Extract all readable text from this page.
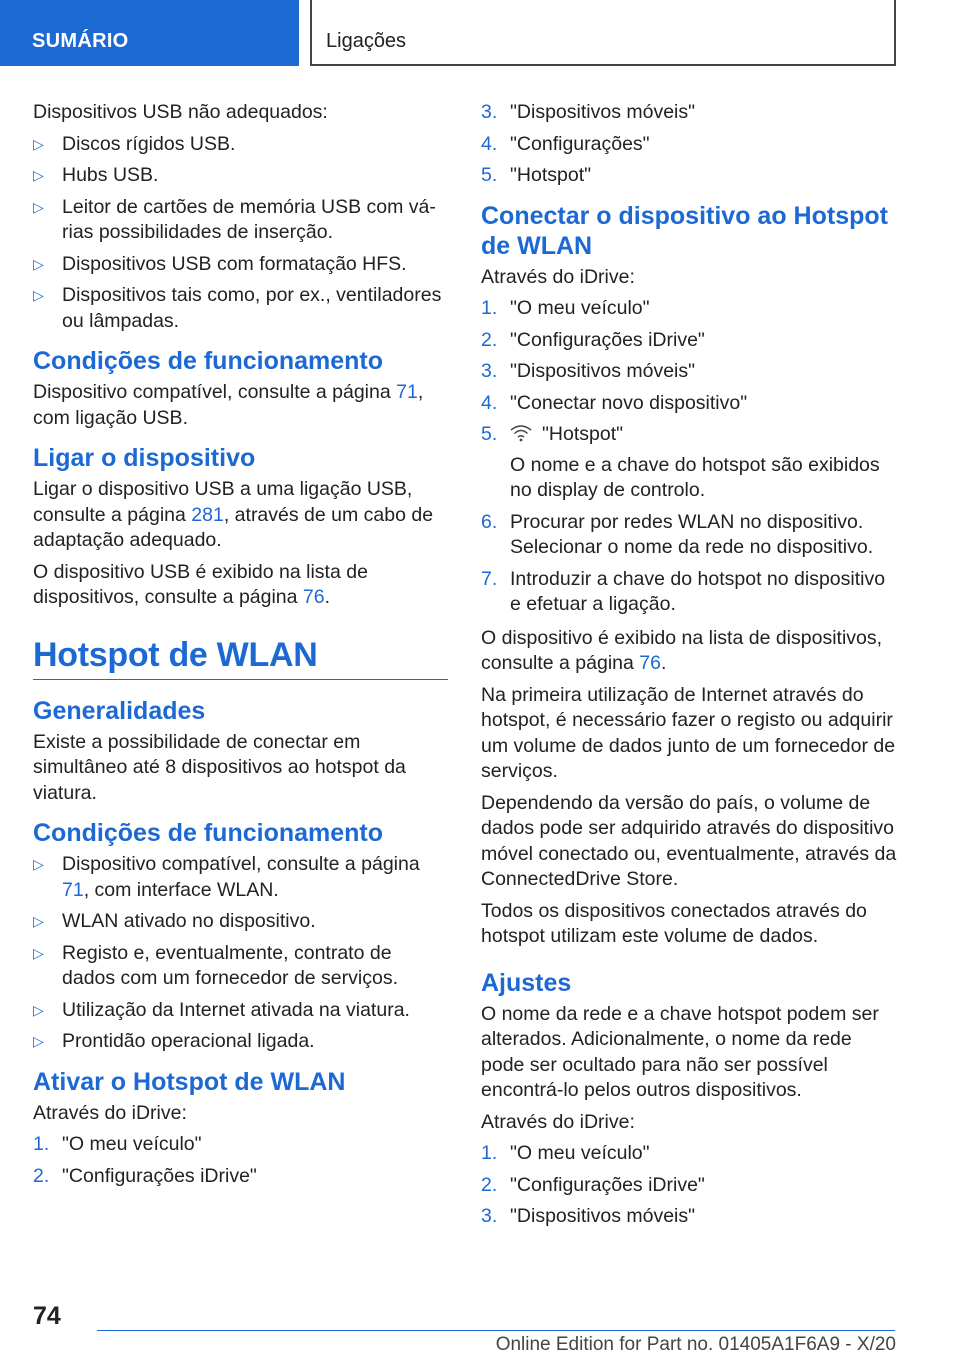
SUMÁRIO	Ligações

Dispositivos USB não adequados:

▷ Discos rígidos USB.
▷ Hubs USB.
▷ Leitor de cartões de memória USB com várias possibilidades de inserção.
▷ Dispositivos USB com formatação HFS.
▷ Dispositivos tais como, por ex., ventiladores ou lâmpadas.
Condições de funcionamento

Dispositivo compatível, consulte a página 71, com ligação USB.

Ligar o dispositivo

Ligar o dispositivo USB a uma ligação USB, consulte a página 281, através de um cabo de adaptação adequado.

O dispositivo USB é exibido na lista de dispositivos, consulte a página 76.

Hotspot de WLAN
Generalidades

Existe a possibilidade de conectar em simultâneo até 8 dispositivos ao hotspot da viatura.

Condições de funcionamento
▷ Dispositivo compatível, consulte a página 71, com interface WLAN.
▷ WLAN ativado no dispositivo.
▷ Registo e, eventualmente, contrato de dados com um fornecedor de serviços.
▷ Utilização da Internet ativada na viatura.
▷ Prontidão operacional ligada.
Ativar o Hotspot de WLAN

Através do iDrive:

1. "O meu veículo"
2. "Configurações iDrive"
3. "Dispositivos móveis"
4. "Configurações"
5. "Hotspot"
Conectar o dispositivo ao Hotspot de WLAN

Através do iDrive:

1. "O meu veículo"
2. "Configurações iDrive"
3. "Dispositivos móveis"
4. "Conectar novo dispositivo"
5. "Hotspot"
O nome e a chave do hotspot são exibidos no display de controlo.
6. Procurar por redes WLAN no dispositivo. Selecionar o nome da rede no dispositivo.
7. Introduzir a chave do hotspot no dispositivo e efetuar a ligação.

O dispositivo é exibido na lista de dispositivos, consulte a página 76.

Na primeira utilização de Internet através do hotspot, é necessário fazer o registo ou adquirir um volume de dados junto de um fornecedor de serviços.

Dependendo da versão do país, o volume de dados pode ser adquirido através do dispositivo móvel conectado ou, eventualmente, através da ConnectedDrive Store.

Todos os dispositivos conectados através do hotspot utilizam este volume de dados.

Ajustes

O nome da rede e a chave hotspot podem ser alterados. Adicionalmente, o nome da rede pode ser ocultado para não ser possível encontrá-lo pelos outros dispositivos.

Através do iDrive:

1. "O meu veículo"
2. "Configurações iDrive"
3. "Dispositivos móveis"
74
Online Edition for Part no. 01405A1F6A9 - X/20
